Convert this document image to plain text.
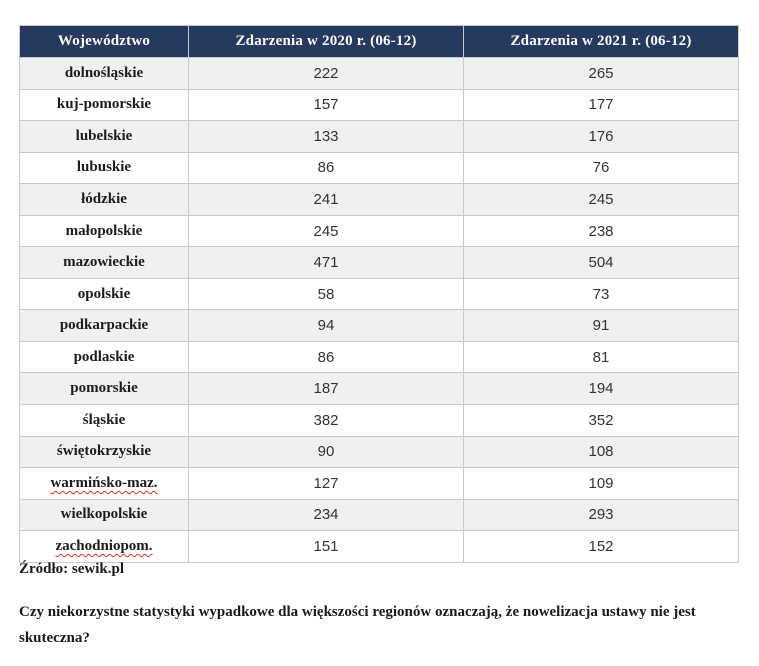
Województwo	Zdarzenia w 2020 r. (06-12)	Zdarzenia w 2021 r. (06-12)
dolnośląskie	222	265
kuj-pomorskie	157	177
lubelskie	133	176
lubuskie	86	76
łódzkie	241	245
małopolskie	245	238
mazowieckie	471	504
opolskie	58	73
podkarpackie	94	91
podlaskie	86	81
pomorskie	187	194
śląskie	382	352
świętokrzyskie	90	108
warmińsko-maz.	127	109
wielkopolskie	234	293
zachodniopom.	151	152
Źródło: sewik.pl
Czy niekorzystne statystyki wypadkowe dla większości regionów oznaczają, że nowelizacja ustawy nie jest skuteczna?
